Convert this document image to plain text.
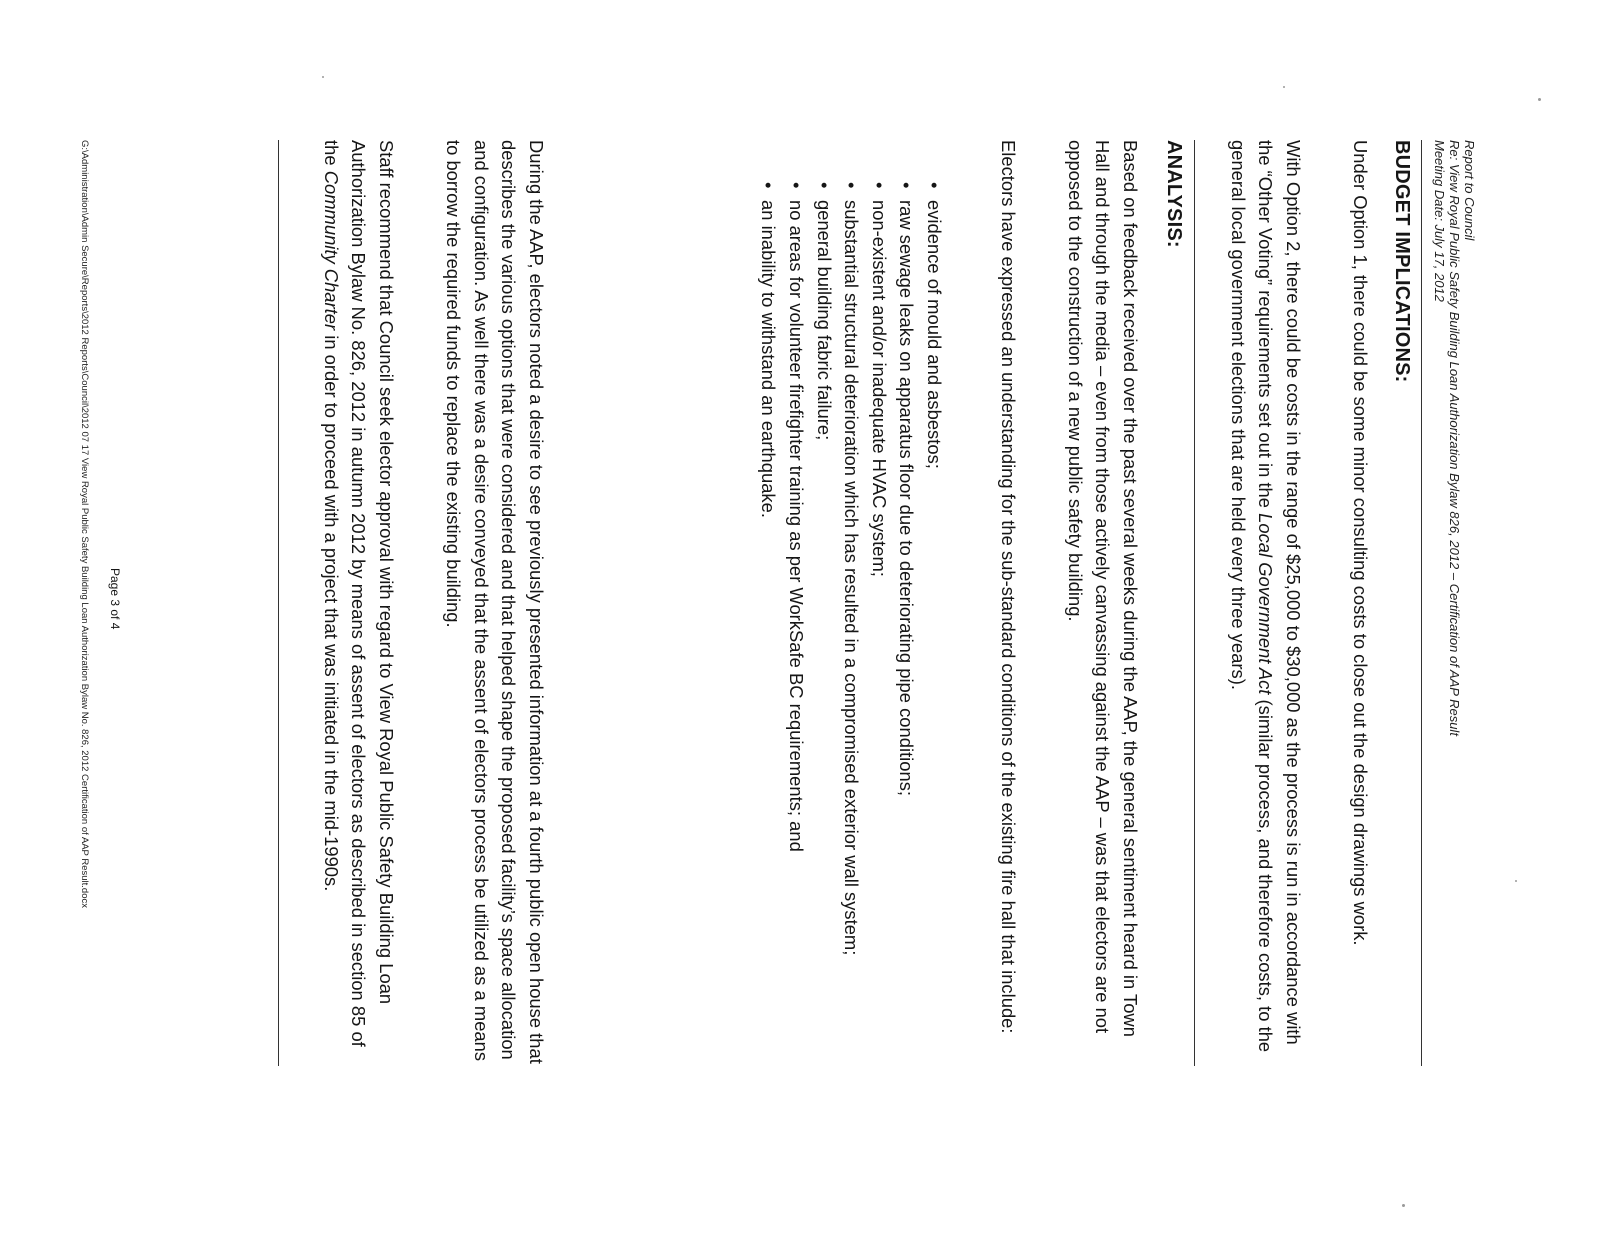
Report to Council
Re: View Royal Public Safety Building Loan Authorization Bylaw 826, 2012 – Certification of AAP Result
Meeting Date: July 17, 2012
BUDGET IMPLICATIONS:

Under Option 1, there could be some minor consulting costs to close out the design drawings work.

With Option 2, there could be costs in the range of $25,000 to $30,000 as the process is run in accordance with the “Other Voting” requirements set out in the Local Government Act (similar process, and therefore costs, to the general local government elections that are held every three years).

ANALYSIS:

Based on feedback received over the past several weeks during the AAP, the general sentiment heard in Town Hall and through the media – even from those actively canvassing against the AAP – was that electors are not opposed to the construction of a new public safety building.

Electors have expressed an understanding for the sub-standard conditions of the existing fire hall that include:

•
evidence of mould and asbestos;
•
raw sewage leaks on apparatus floor due to deteriorating pipe conditions;
•
non-existent and/or inadequate HVAC system;
•
substantial structural deterioration which has resulted in a compromised exterior wall system;
•
general building fabric failure;
•
no areas for volunteer firefighter training as per WorkSafe BC requirements; and
•
an inability to withstand an earthquake.

During the AAP, electors noted a desire to see previously presented information at a fourth public open house that describes the various options that were considered and that helped shape the proposed facility’s space allocation and configuration. As well there was a desire conveyed that the assent of electors process be utilized as a means to borrow the required funds to replace the existing building.

Staff recommend that Council seek elector approval with regard to View Royal Public Safety Building Loan Authorization Bylaw No. 826, 2012 in autumn 2012 by means of assent of electors as described in section 85 of the Community Charter in order to proceed with a project that was initiated in the mid-1990s.

Page 3 of 4
G:\Administration\Admin Secure\Reports\2012 Reports\Council\2012 07 17 View Royal Public Safety Building Loan Authorization Bylaw No. 826, 2012 Certification of AAP Result.docx
